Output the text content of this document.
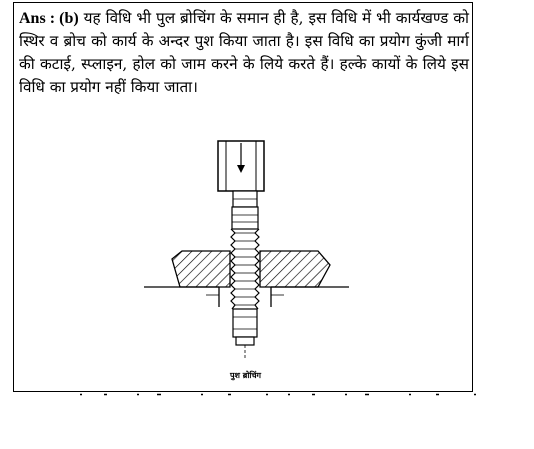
Ans : (b) यह विधि भी पुल ब्रोचिंग के समान ही है, इस विधि में भी कार्यखण्ड को स्थिर व ब्रोच को कार्य के अन्दर पुश किया जाता है। इस विधि का प्रयोग कुंजी मार्ग की कटाई, स्प्लाइन, होल को जाम करने के लिये करते हैं। हल्के कायों के लिये इस विधि का प्रयोग नहीं किया जाता।

पुश ब्रोचिंग
